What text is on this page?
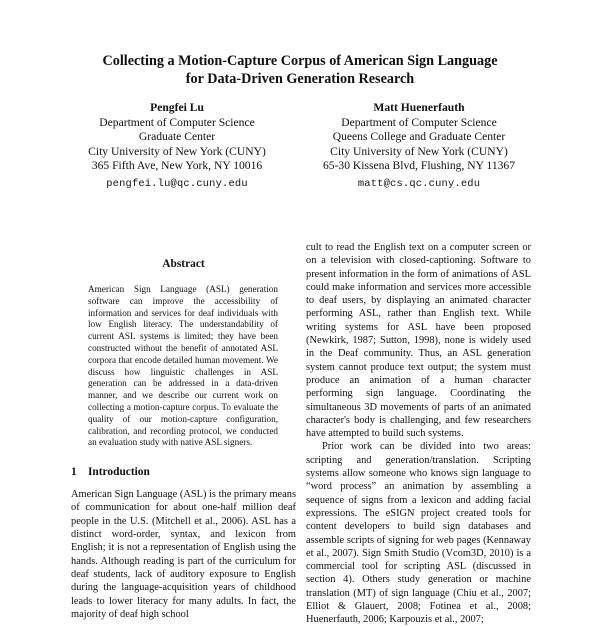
Collecting a Motion-Capture Corpus of American Sign Language
for Data-Driven Generation Research
Pengfei Lu
Department of Computer Science
Graduate Center
City University of New York (CUNY)
365 Fifth Ave, New York, NY 10016
pengfei.lu@qc.cuny.edu
Matt Huenerfauth
Department of Computer Science
Queens College and Graduate Center
City University of New York (CUNY)
65-30 Kissena Blvd, Flushing, NY 11367
matt@cs.qc.cuny.edu
Abstract

American Sign Language (ASL) generation software can improve the accessibility of information and services for deaf individuals with low English literacy. The understandability of current ASL systems is limited; they have been constructed without the benefit of annotated ASL corpora that encode detailed human movement. We discuss how linguistic challenges in ASL generation can be addressed in a data-driven manner, and we describe our current work on collecting a motion-capture corpus. To evaluate the quality of our motion-capture configuration, calibration, and recording protocol, we conducted an evaluation study with native ASL signers.

1 Introduction

American Sign Language (ASL) is the primary means of communication for about one-half million deaf people in the U.S. (Mitchell et al., 2006). ASL has a distinct word-order, syntax, and lexicon from English; it is not a representation of English using the hands. Although reading is part of the curriculum for deaf students, lack of auditory exposure to English during the language-acquisition years of childhood leads to lower literacy for many adults. In fact, the majority of deaf high school

cult to read the English text on a computer screen or on a television with closed-captioning. Software to present information in the form of animations of ASL could make information and services more accessible to deaf users, by displaying an animated character performing ASL, rather than English text. While writing systems for ASL have been proposed (Newkirk, 1987; Sutton, 1998), none is widely used in the Deaf community. Thus, an ASL generation system cannot produce text output; the system must produce an animation of a human character performing sign language. Coordinating the simultaneous 3D movements of parts of an animated character's body is challenging, and few researchers have attempted to build such systems.

Prior work can be divided into two areas: scripting and generation/translation. Scripting systems allow someone who knows sign language to “word process” an animation by assembling a sequence of signs from a lexicon and adding facial expressions. The eSIGN project created tools for content developers to build sign databases and assemble scripts of signing for web pages (Kennaway et al., 2007). Sign Smith Studio (Vcom3D, 2010) is a commercial tool for scripting ASL (discussed in section 4). Others study generation or machine translation (MT) of sign language (Chiu et al., 2007; Elliot & Glauert, 2008; Fotinea et al., 2008; Huenerfauth, 2006; Karpouzis et al., 2007;
